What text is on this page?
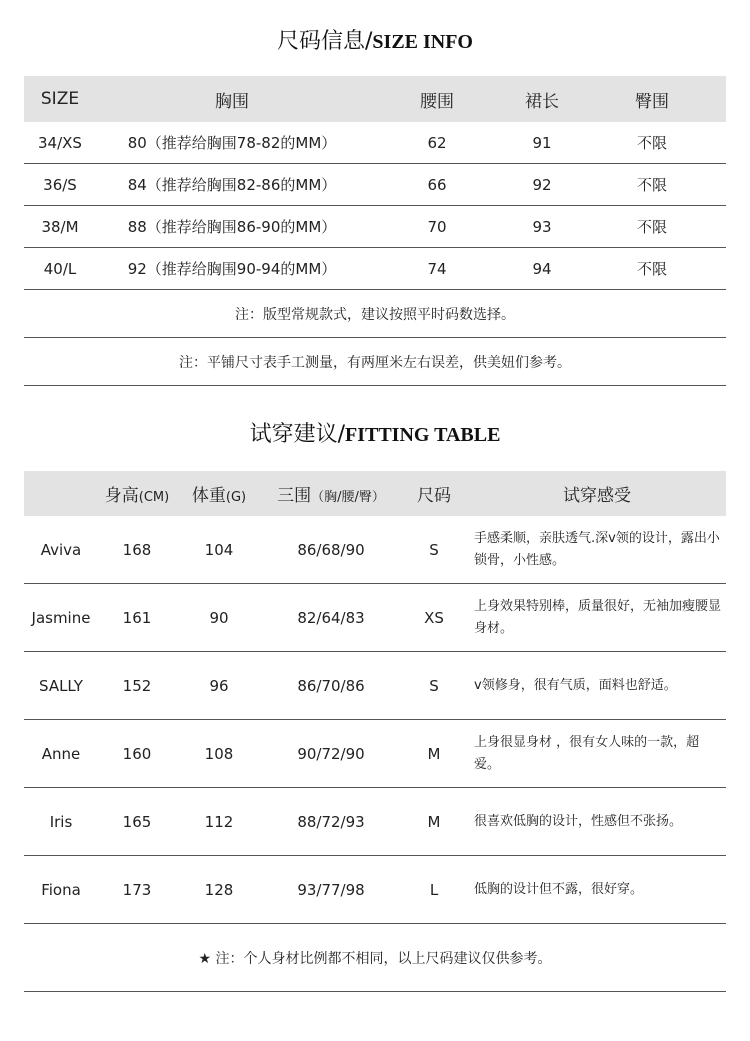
尺码信息/SIZE INFO
SIZE	胸围	腰围	裙长	臀围
34/XS	80（推荐给胸围78-82的MM）	62	91	不限
36/S	84（推荐给胸围82-86的MM）	66	92	不限
38/M	88（推荐给胸围86-90的MM）	70	93	不限
40/L	92（推荐给胸围90-94的MM）	74	94	不限
注：版型常规款式，建议按照平时码数选择。				
注：平铺尺寸表手工测量，有两厘米左右误差，供美妞们参考。				
试穿建议/FITTING TABLE
	身高(CM)	体重(G)	三围（胸/腰/臀）	尺码	试穿感受
Aviva	168	104	86/68/90	S	手感柔顺，亲肤透气.深v领的设计，露出小锁骨，小性感。
Jasmine	161	90	82/64/83	XS	上身效果特别棒，质量很好，无袖加瘦腰显身材。
SALLY	152	96	86/70/86	S	v领修身，很有气质，面料也舒适。
Anne	160	108	90/72/90	M	上身很显身材 ，很有女人味的一款，超爱。
Iris	165	112	88/72/93	M	很喜欢低胸的设计，性感但不张扬。
Fiona	173	128	93/77/98	L	低胸的设计但不露，很好穿。
★ 注：个人身材比例都不相同，以上尺码建议仅供参考。					
